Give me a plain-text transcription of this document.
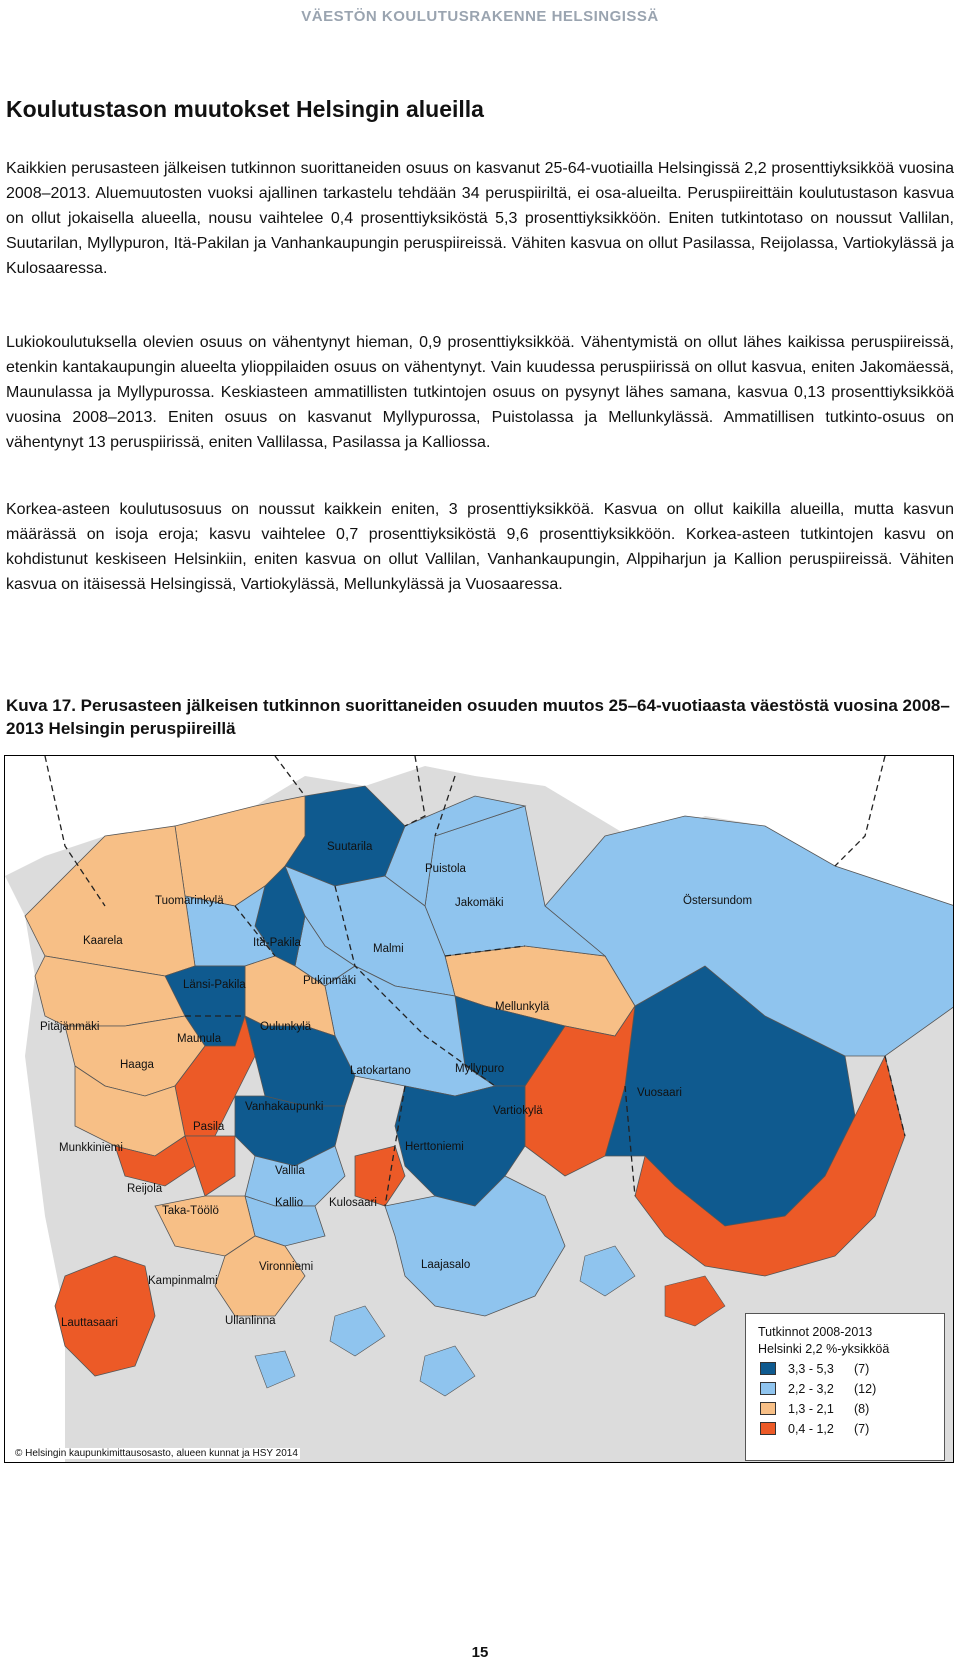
VÄESTÖN KOULUTUSRAKENNE HELSINGISSÄ
Koulutustason muutokset Helsingin alueilla

Kaikkien perusasteen jälkeisen tutkinnon suorittaneiden osuus on kasvanut 25-64-vuotiailla Helsingissä 2,2 prosenttiyksikköä vuosina 2008–2013. Aluemuutosten vuoksi ajallinen tarkastelu tehdään 34 peruspiiriltä, ei osa-alueilta. Peruspiireittäin koulutustason kasvua on ollut jokaisella alueella, nousu vaihtelee 0,4 prosenttiyksiköstä 5,3 prosenttiyksikköön. Eniten tutkintotaso on noussut Vallilan, Suutarilan, Myllypuron, Itä-Pakilan ja Vanhankaupungin peruspiireissä. Vähiten kasvua on ollut Pasilassa, Reijolassa, Vartiokylässä ja Kulosaaressa.

Lukiokoulutuksella olevien osuus on vähentynyt hieman, 0,9 prosenttiyksikköä. Vähentymistä on ollut lähes kaikissa peruspiireissä, etenkin kantakaupungin alueelta ylioppilaiden osuus on vähentynyt. Vain kuudessa peruspiirissä on ollut kasvua, eniten Jakomäessä, Maunulassa ja Myllypurossa. Keskiasteen ammatillisten tutkintojen osuus on pysynyt lähes samana, kasvua 0,13 prosenttiyksikköä vuosina 2008–2013. Eniten osuus on kasvanut Myllypurossa, Puistolassa ja Mellunkylässä. Ammatillisen tutkinto-osuus on vähentynyt 13 peruspiirissä, eniten Vallilassa, Pasilassa ja Kalliossa.

Korkea-asteen koulutusosuus on noussut kaikkein eniten, 3 prosenttiyksikköä. Kasvua on ollut kaikilla alueilla, mutta kasvun määrässä on isoja eroja; kasvu vaihtelee 0,7 prosenttiyksiköstä 9,6 prosenttiyksikköön. Korkea-asteen tutkintojen kasvu on kohdistunut keskiseen Helsinkiin, eniten kasvua on ollut Vallilan, Vanhankaupungin, Alppiharjun ja Kallion peruspiireissä. Vähiten kasvua on itäisessä Helsingissä, Vartiokylässä, Mellunkylässä ja Vuosaaressa.

Kuva 17. Perusasteen jälkeisen tutkinnon suorittaneiden osuuden muutos 25–64-vuotiaasta väestöstä vuosina 2008–2013 Helsingin peruspiireillä

Suutarila
Puistola
Tuomarinkylä	Jakomäki	Östersundom
Kaarela	Itä-Pakila	Malmi
Länsi-Pakila	Pukinmäki
Mellunkylä
Pitäjänmäki
Maunula
Oulunkylä
Haaga	Latokartano	Myllypuro
Vuosaari
Vanhakaupunki	Vartiokylä
Pasila
Munkkiniemi	Herttoniemi
Vallila
Reijola
Kallio Kulosaari
Taka-Töölö
Vironniemi	Laajasalo
Kampinmalmi
Lauttasaari	Ullanlinna
© Helsingin kaupunkimittausosasto, alueen kunnat ja HSY 2014
Tutkinnot 2008-2013
Helsinki 2,2 %-yksikköä
3,3 - 5,3	(7)
2,2 - 3,2	(12)
1,3 - 2,1	(8)
0,4 - 1,2	(7)
15
